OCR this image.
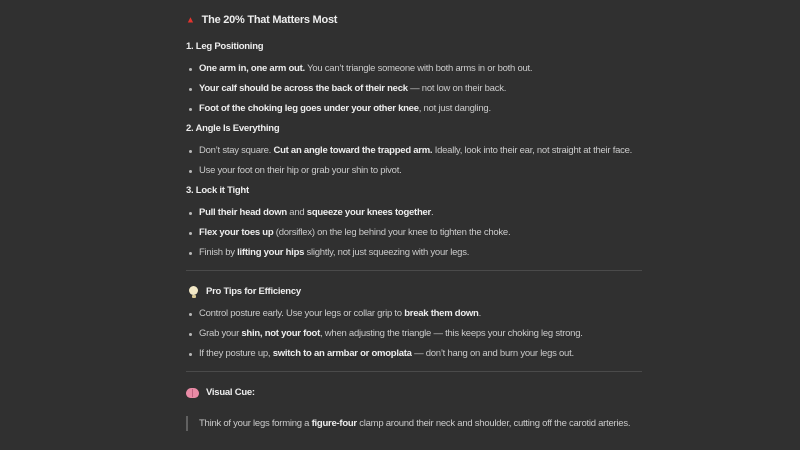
▲ The 20% That Matters Most
1. Leg Positioning
One arm in, one arm out. You can’t triangle someone with both arms in or both out.
Your calf should be across the back of their neck — not low on their back.
Foot of the choking leg goes under your other knee, not just dangling.
2. Angle Is Everything
Don’t stay square. Cut an angle toward the trapped arm. Ideally, look into their ear, not straight at their face.
Use your foot on their hip or grab your shin to pivot.
3. Lock it Tight
Pull their head down and squeeze your knees together.
Flex your toes up (dorsiflex) on the leg behind your knee to tighten the choke.
Finish by lifting your hips slightly, not just squeezing with your legs.
Pro Tips for Efficiency
Control posture early. Use your legs or collar grip to break them down.
Grab your shin, not your foot, when adjusting the triangle — this keeps your choking leg strong.
If they posture up, switch to an armbar or omoplata — don’t hang on and burn your legs out.
Visual Cue:
Think of your legs forming a figure-four clamp around their neck and shoulder, cutting off the carotid arteries.
